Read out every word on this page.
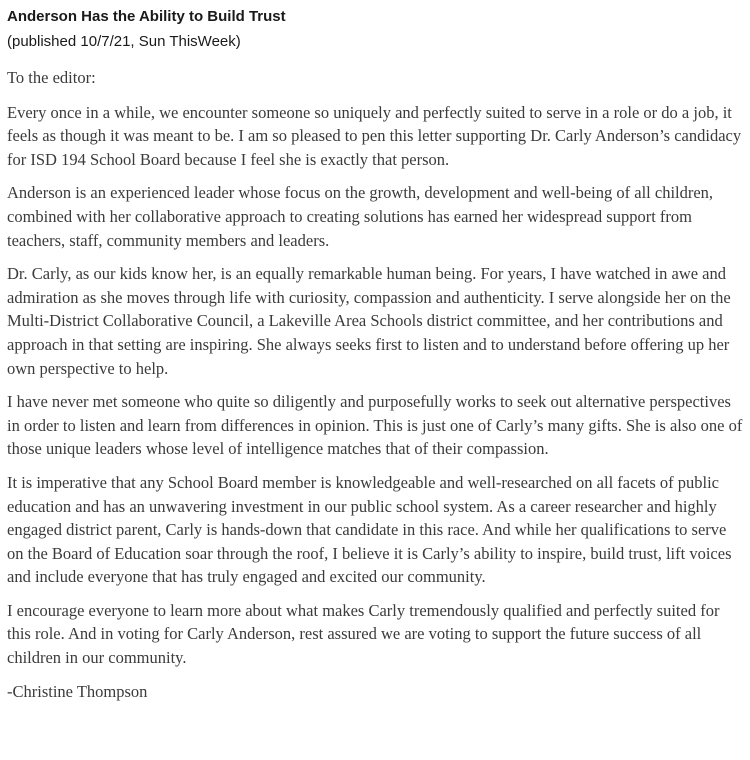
Anderson Has the Ability to Build Trust

(published 10/7/21, Sun ThisWeek)

To the editor:

Every once in a while, we encounter someone so uniquely and perfectly suited to serve in a role or do a job, it feels as though it was meant to be. I am so pleased to pen this letter supporting Dr. Carly Anderson’s candidacy for ISD 194 School Board because I feel she is exactly that person.

Anderson is an experienced leader whose focus on the growth, development and well-being of all children, combined with her collaborative approach to creating solutions has earned her widespread support from teachers, staff, community members and leaders.

Dr. Carly, as our kids know her, is an equally remarkable human being. For years, I have watched in awe and admiration as she moves through life with curiosity, compassion and authenticity. I serve alongside her on the Multi-District Collaborative Council, a Lakeville Area Schools district committee, and her contributions and approach in that setting are inspiring. She always seeks first to listen and to understand before offering up her own perspective to help.

I have never met someone who quite so diligently and purposefully works to seek out alternative perspectives in order to listen and learn from differences in opinion. This is just one of Carly’s many gifts. She is also one of those unique leaders whose level of intelligence matches that of their compassion.

It is imperative that any School Board member is knowledgeable and well-researched on all facets of public education and has an unwavering investment in our public school system. As a career researcher and highly engaged district parent, Carly is hands-down that candidate in this race. And while her qualifications to serve on the Board of Education soar through the roof, I believe it is Carly’s ability to inspire, build trust, lift voices and include everyone that has truly engaged and excited our community.

I encourage everyone to learn more about what makes Carly tremendously qualified and perfectly suited for this role. And in voting for Carly Anderson, rest assured we are voting to support the future success of all children in our community.

-Christine Thompson
